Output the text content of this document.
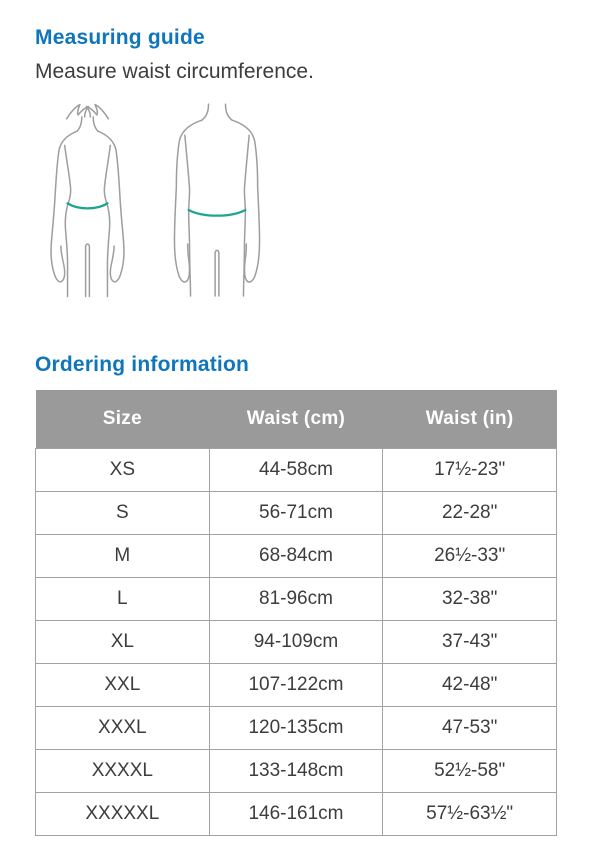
Measuring guide

Measure waist circumference.

Ordering information
Size	Waist (cm)	Waist (in)
XS	44-58cm	17½-23"
S	56-71cm	22-28"
M	68-84cm	26½-33"
L	81-96cm	32-38"
XL	94-109cm	37-43"
XXL	107-122cm	42-48"
XXXL	120-135cm	47-53"
XXXXL	133-148cm	52½-58"
XXXXXL	146-161cm	57½-63½"
